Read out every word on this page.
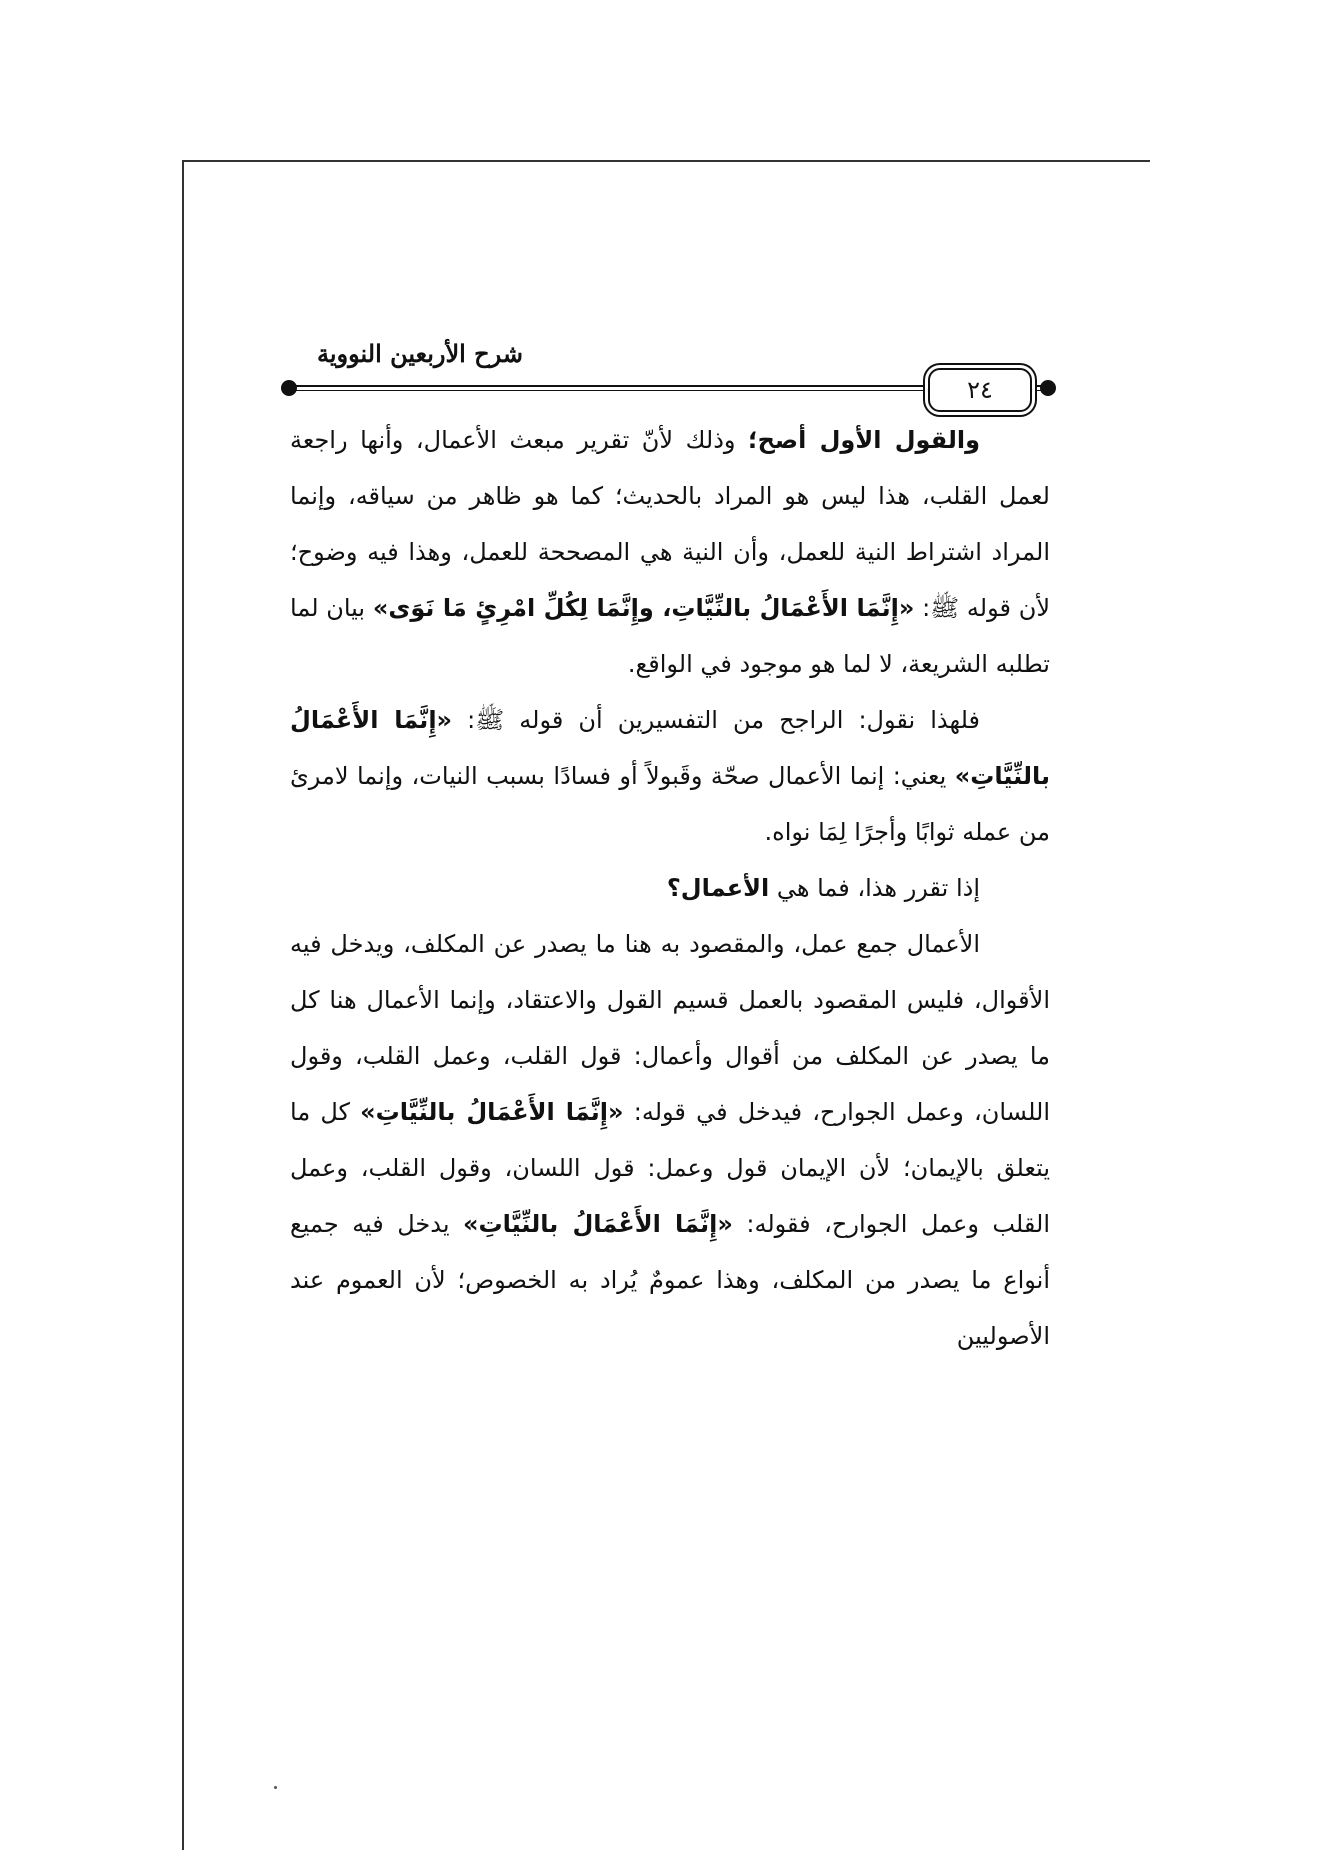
شرح الأربعين النووية
٢٤

والقول الأول أصح؛ وذلك لأنّ تقرير مبعث الأعمال، وأنها راجعة لعمل القلب، هذا ليس هو المراد بالحديث؛ كما هو ظاهر من سياقه، وإنما المراد اشتراط النية للعمل، وأن النية هي المصححة للعمل، وهذا فيه وضوح؛ لأن قوله ﷺ: «إِنَّمَا الأَعْمَالُ بالنِّيَّاتِ، وإِنَّمَا لِكُلِّ امْرِئٍ مَا نَوَى» بيان لما تطلبه الشريعة، لا لما هو موجود في الواقع.

فلهذا نقول: الراجح من التفسيرين أن قوله ﷺ: «إِنَّمَا الأَعْمَالُ بالنِّيَّاتِ» يعني: إنما الأعمال صحّة وقَبولاً أو فسادًا بسبب النيات، وإنما لامرئ من عمله ثوابًا وأجرًا لِمَا نواه.

إذا تقرر هذا، فما هي الأعمال؟

الأعمال جمع عمل، والمقصود به هنا ما يصدر عن المكلف، ويدخل فيه الأقوال، فليس المقصود بالعمل قسيم القول والاعتقاد، وإنما الأعمال هنا كل ما يصدر عن المكلف من أقوال وأعمال: قول القلب، وعمل القلب، وقول اللسان، وعمل الجوارح، فيدخل في قوله: «إِنَّمَا الأَعْمَالُ بالنِّيَّاتِ» كل ما يتعلق بالإيمان؛ لأن الإيمان قول وعمل: قول اللسان، وقول القلب، وعمل القلب وعمل الجوارح، فقوله: «إِنَّمَا الأَعْمَالُ بالنِّيَّاتِ» يدخل فيه جميع أنواع ما يصدر من المكلف، وهذا عمومٌ يُراد به الخصوص؛ لأن العموم عند الأصوليين
